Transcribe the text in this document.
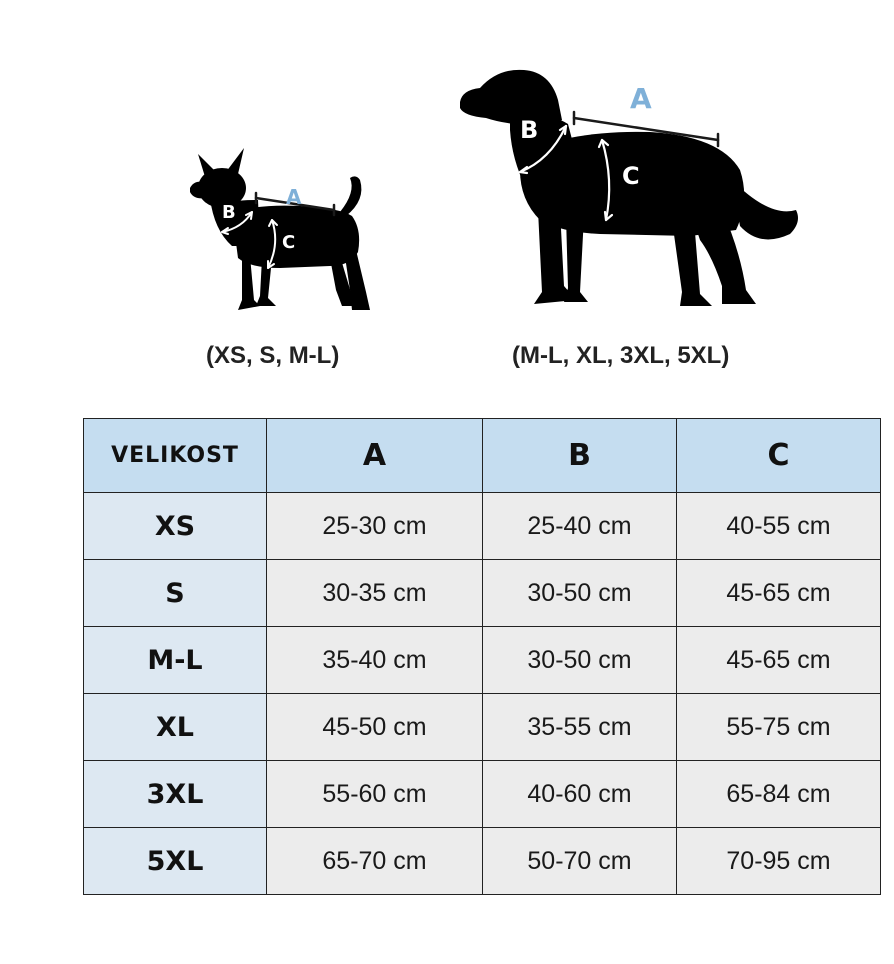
A
B
C
A
B
C
(XS, S, M-L)	(M-L, XL, 3XL, 5XL)
VELIKOST	A	B	C
XS	25-30 cm	25-40 cm	40-55 cm
S	30-35 cm	30-50 cm	45-65 cm
M-L	35-40 cm	30-50 cm	45-65 cm
XL	45-50 cm	35-55 cm	55-75 cm
3XL	55-60 cm	40-60 cm	65-84 cm
5XL	65-70 cm	50-70 cm	70-95 cm
